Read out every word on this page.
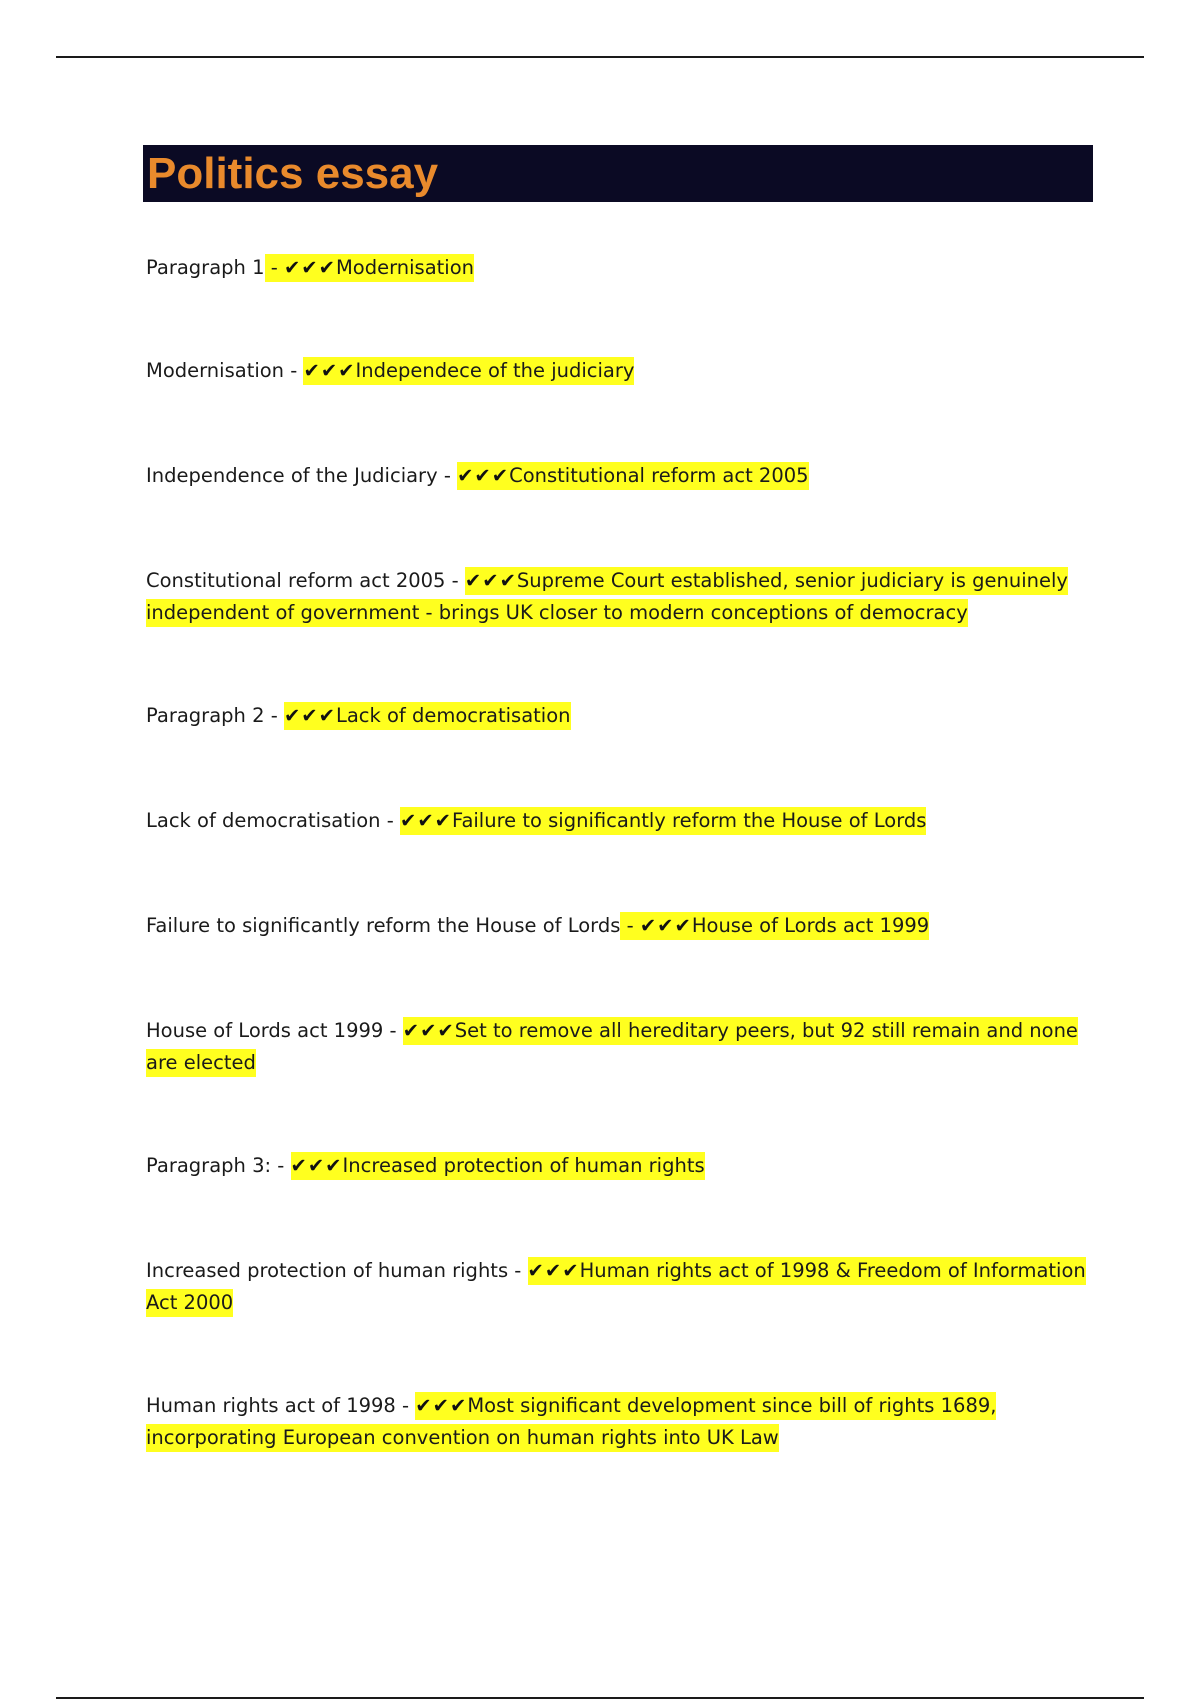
Politics essay
Paragraph 1 - ✔✔✔Modernisation
Modernisation - ✔✔✔Independece of the judiciary
Independence of the Judiciary - ✔✔✔Constitutional reform act 2005
Constitutional reform act 2005 - ✔✔✔Supreme Court established, senior judiciary is genuinely independent of government - brings UK closer to modern conceptions of democracy
Paragraph 2 - ✔✔✔Lack of democratisation
Lack of democratisation - ✔✔✔Failure to significantly reform the House of Lords
Failure to significantly reform the House of Lords - ✔✔✔House of Lords act 1999
House of Lords act 1999 - ✔✔✔Set to remove all hereditary peers, but 92 still remain and none are elected
Paragraph 3: - ✔✔✔Increased protection of human rights
Increased protection of human rights - ✔✔✔Human rights act of 1998 & Freedom of Information Act 2000
Human rights act of 1998 - ✔✔✔Most significant development since bill of rights 1689, incorporating European convention on human rights into UK Law
